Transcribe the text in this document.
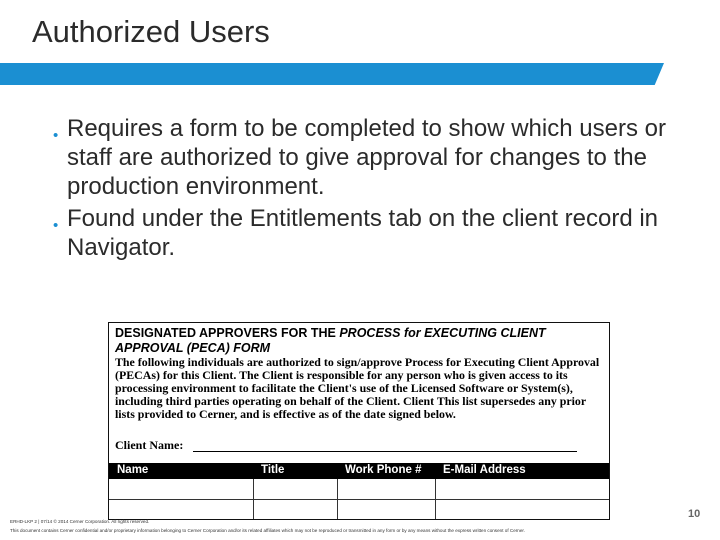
Authorized Users
• Requires a form to be completed to show which users or staff are authorized to give approval for changes to the production environment.
• Found under the Entitlements tab on the client record in Navigator.
DESIGNATED APPROVERS FOR THE PROCESS for EXECUTING CLIENT APPROVAL (PECA) FORM
The following individuals are authorized to sign/approve Process for Executing Client Approval (PECAs) for this Client. The Client is responsible for any person who is given access to its processing environment to facilitate the Client's use of the Licensed Software or System(s), including third parties operating on behalf of the Client. Client This list supersedes any prior lists provided to Cerner, and is effective as of the date signed below.
Client Name:
Name	Title	Work Phone # E-Mail Address
ERHD-LKP 2 | 07/14 © 2014 Cerner Corporation. All rights reserved.
This document contains Cerner confidential and/or proprietary information belonging to Cerner Corporation and/or its related affiliates which may not be reproduced or transmitted in any form or by any means without the express written consent of Cerner.
10
